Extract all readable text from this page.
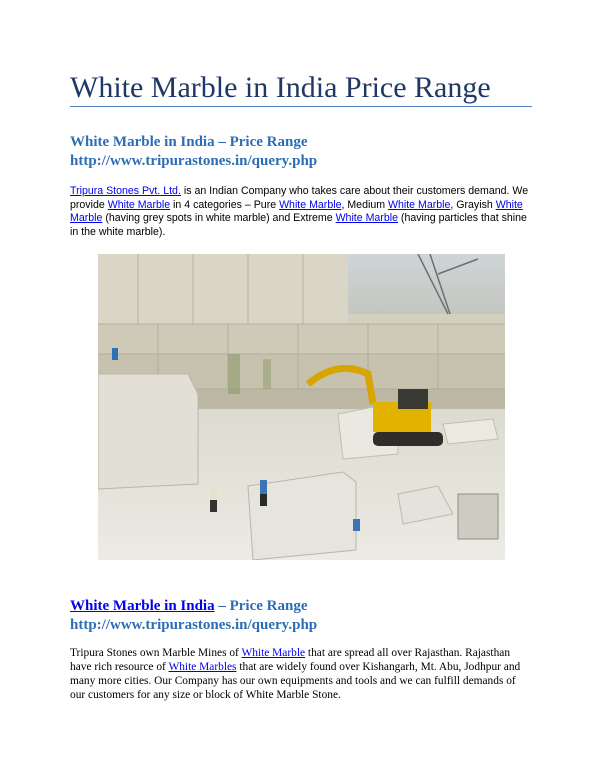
White Marble in India Price Range
White Marble in India – Price Range
http://www.tripurastones.in/query.php
Tripura Stones Pvt. Ltd. is an Indian Company who takes care about their customers demand. We provide White Marble in 4 categories – Pure White Marble, Medium White Marble, Grayish White Marble (having grey spots in white marble) and Extreme White Marble (having particles that shine in the white marble).
White Marble in India – Price Range
http://www.tripurastones.in/query.php
Tripura Stones own Marble Mines of White Marble that are spread all over Rajasthan. Rajasthan have rich resource of White Marbles that are widely found over Kishangarh, Mt. Abu, Jodhpur and many more cities. Our Company has our own equipments and tools and we can fulfill demands of our customers for any size or block of White Marble Stone.
